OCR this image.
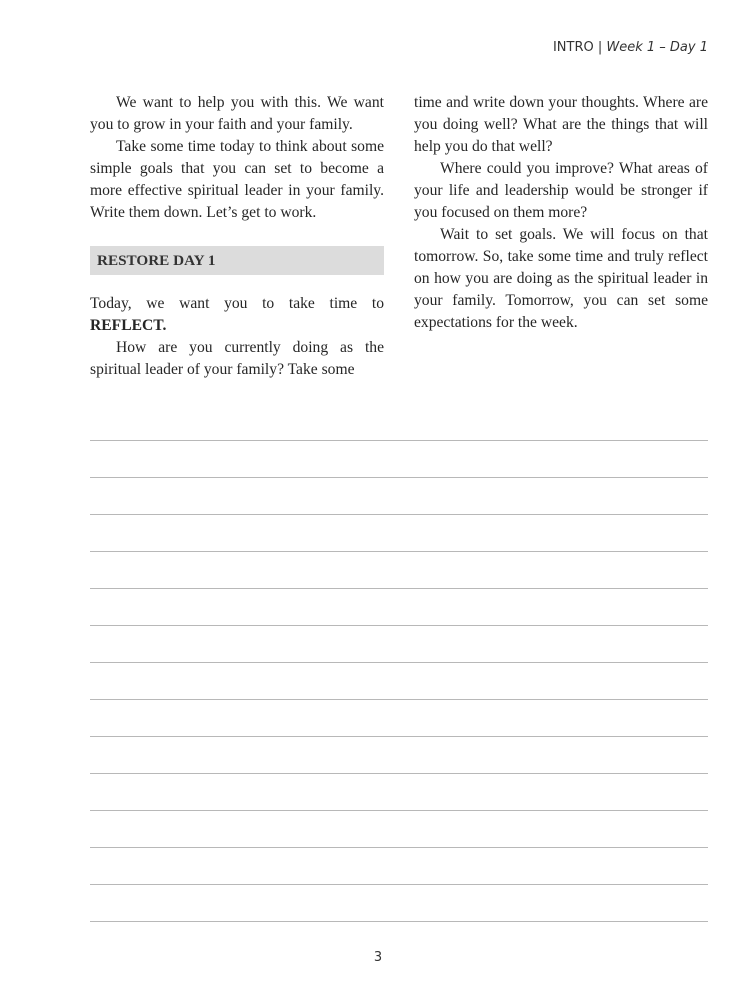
INTRO | Week 1 – Day 1

We want to help you with this. We want you to grow in your faith and your family.

Take some time today to think about some simple goals that you can set to become a more effective spiritual leader in your family. Write them down. Let’s get to work.

RESTORE DAY 1

Today, we want you to take time to REFLECT.

How are you currently doing as the spiritual leader of your family? Take some

time and write down your thoughts. Where are you doing well? What are the things that will help you do that well?

Where could you improve? What areas of your life and leadership would be stronger if you focused on them more?

Wait to set goals. We will focus on that tomorrow. So, take some time and truly reflect on how you are doing as the spiritual leader in your family. Tomorrow, you can set some expectations for the week.

3
